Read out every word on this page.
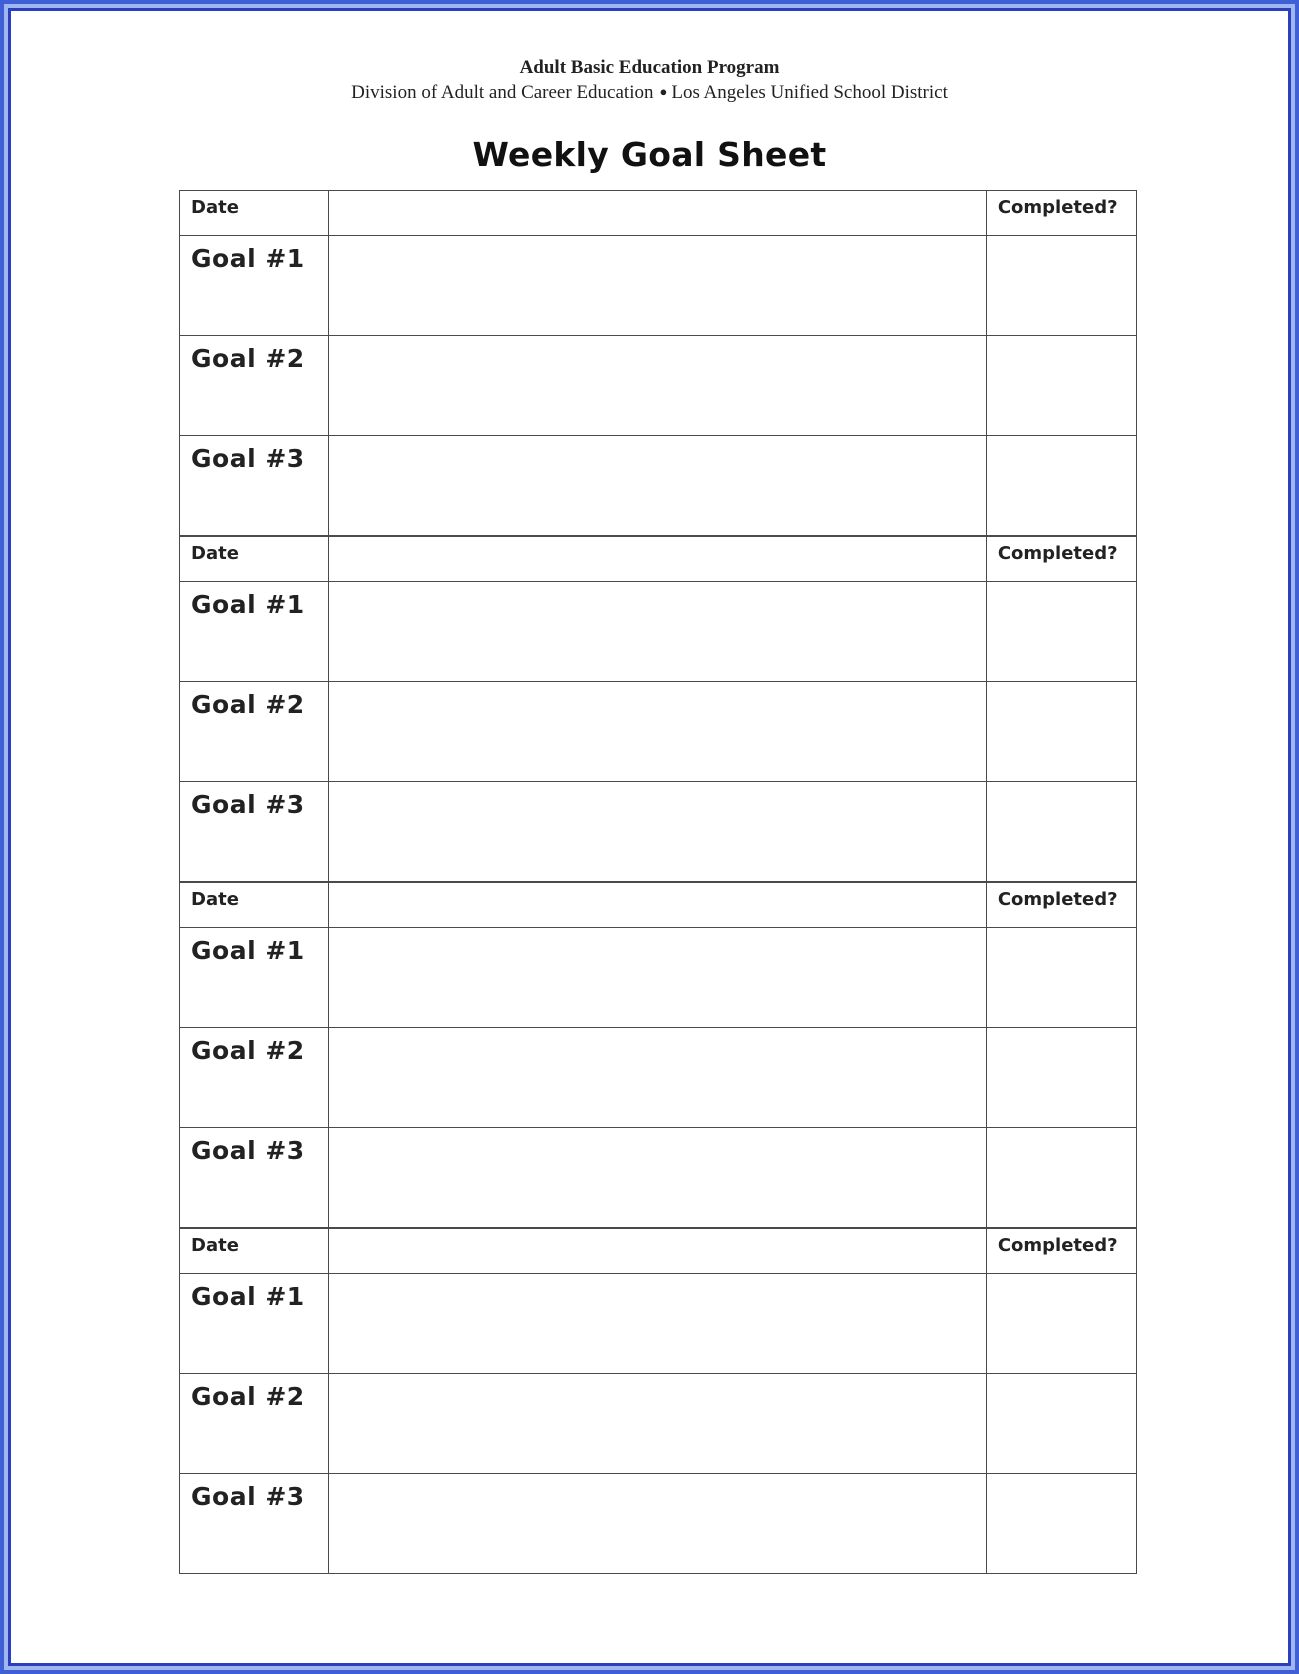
Adult Basic Education Program
Division of Adult and Career Education ● Los Angeles Unified School District
Weekly Goal Sheet
Date		Completed?
Goal #1		
Goal #2		
Goal #3		
Date		Completed?
Goal #1		
Goal #2		
Goal #3		
Date		Completed?
Goal #1		
Goal #2		
Goal #3		
Date		Completed?
Goal #1		
Goal #2		
Goal #3		
